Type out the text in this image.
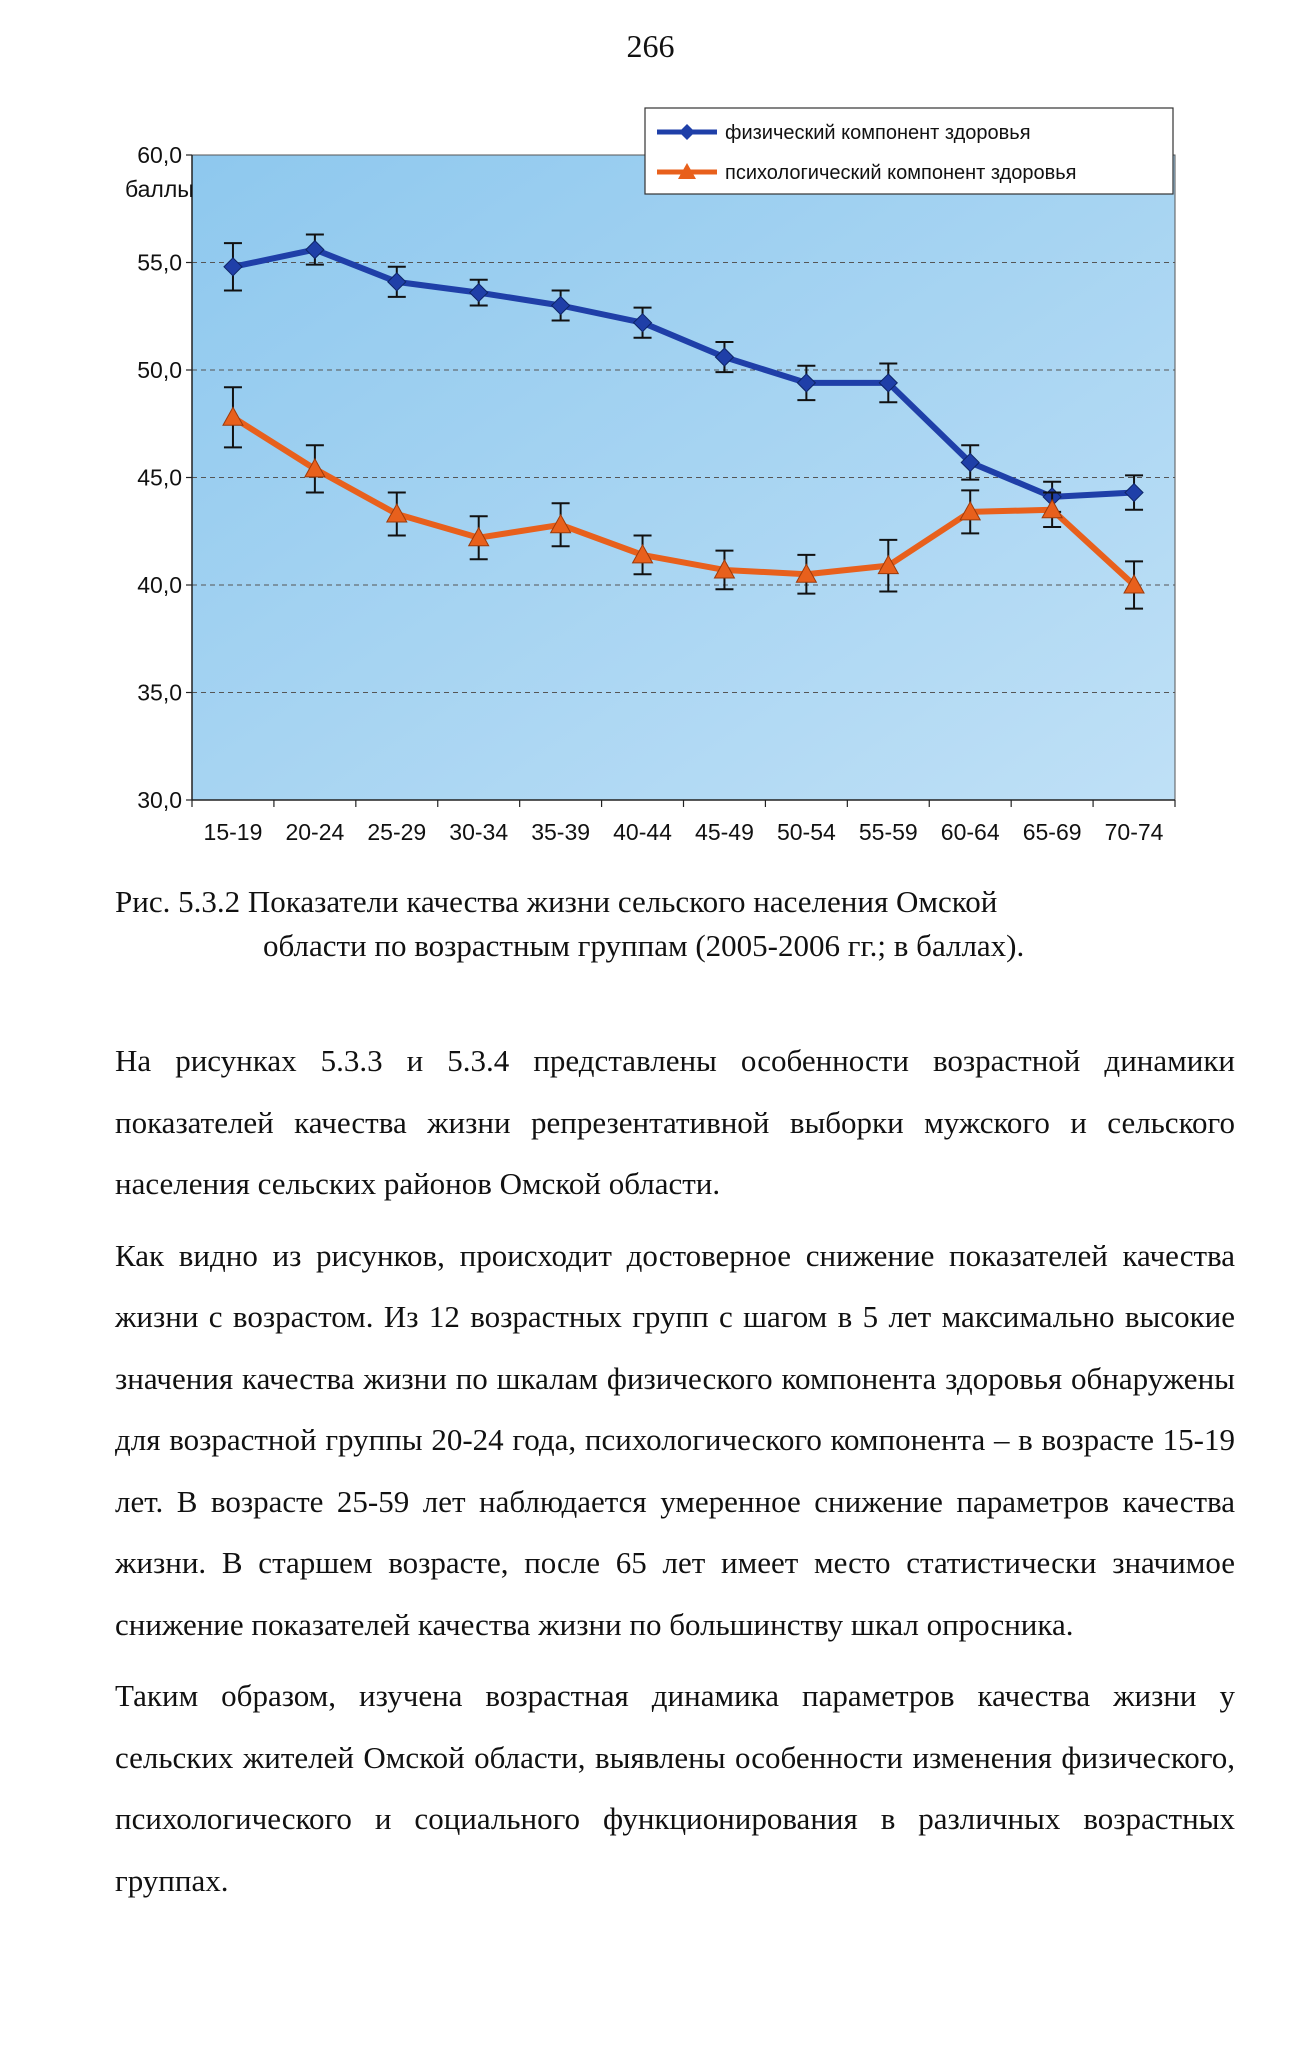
266
60,0
55,0
50,0
45,0
40,0
35,0
30,0
15-19 20-24 25-29 30-34 35-39 40-44 45-49 50-54 55-59 60-64 65-69 70-74
баллы
физический компонент здоровья
психологический компонент здоровья
Рис. 5.3.2 Показатели качества жизни сельского населения Омской
области по возрастным группам (2005-2006 гг.; в баллах).

На рисунках 5.3.3 и 5.3.4 представлены особенности возрастной динамики показателей качества жизни репрезентативной выборки мужского и сельского населения сельских районов Омской области.

Как видно из рисунков, происходит достоверное снижение показателей качества жизни с возрастом. Из 12 возрастных групп с шагом в 5 лет максимально высокие значения качества жизни по шкалам физического компонента здоровья обнаружены для возрастной группы 20-24 года, психологического компонента – в возрасте 15-19 лет. В возрасте 25-59 лет наблюдается умеренное снижение параметров качества жизни. В старшем возрасте, после 65 лет имеет место статистически значимое снижение показателей качества жизни по большинству шкал опросника.

Таким образом, изучена возрастная динамика параметров качества жизни у сельских жителей Омской области, выявлены особенности изменения физического, психологического и социального функционирования в различных возрастных группах.
